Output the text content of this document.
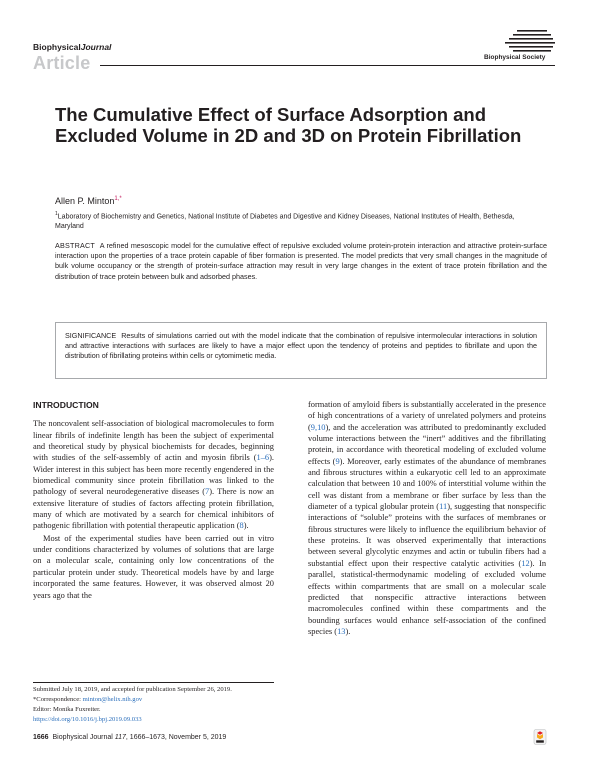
BiophysicalJournal
Article	Biophysical Society
The Cumulative Effect of Surface Adsorption and Excluded Volume in 2D and 3D on Protein Fibrillation
Allen P. Minton$^{1,*}$
$^1$Laboratory of Biochemistry and Genetics, National Institute of Diabetes and Digestive and Kidney Diseases, National Institutes of Health, Bethesda, Maryland
ABSTRACT A refined mesoscopic model for the cumulative effect of repulsive excluded volume protein-protein interaction and attractive protein-surface interaction upon the properties of a trace protein capable of fiber formation is presented. The model predicts that very small changes in the magnitude of bulk volume occupancy or the strength of protein-surface attraction may result in very large changes in the extent of trace protein fibrillation and the distribution of trace protein between bulk and adsorbed phases.
SIGNIFICANCE Results of simulations carried out with the model indicate that the combination of repulsive intermolecular interactions in solution and attractive interactions with surfaces are likely to have a major effect upon the tendency of proteins and peptides to fibrillate and upon the distribution of fibrillating proteins within cells or cytomimetic media.
INTRODUCTION

The noncovalent self-association of biological macromolecules to form linear fibrils of indefinite length has been the subject of experimental and theoretical study by physical biochemists for decades, beginning with studies of the self-assembly of actin and myosin fibrils (1–6). Wider interest in this subject has been more recently engendered in the biomedical community since protein fibrillation was linked to the pathology of several neurodegenerative diseases (7). There is now an extensive literature of studies of factors affecting protein fibrillation, many of which are motivated by a search for chemical inhibitors of pathogenic fibrillation with potential therapeutic application (8).

Most of the experimental studies have been carried out in vitro under conditions characterized by volumes of solutions that are large on a molecular scale, containing only low concentrations of the particular protein under study. Theoretical models have by and large incorporated the same features. However, it was observed almost 20 years ago that the

formation of amyloid fibers is substantially accelerated in the presence of high concentrations of a variety of unrelated polymers and proteins (9,10), and the acceleration was attributed to predominantly excluded volume interactions between the “inert” additives and the fibrillating protein, in accordance with theoretical modeling of excluded volume effects (9). Moreover, early estimates of the abundance of membranes and fibrous structures within a eukaryotic cell led to an approximate calculation that between 10 and 100% of interstitial volume within the cell was distant from a membrane or fiber surface by less than the diameter of a typical globular protein (11), suggesting that nonspecific interactions of “soluble” proteins with the surfaces of membranes or fibrous structures were likely to influence the equilibrium behavior of these proteins. It was observed experimentally that interactions between several glycolytic enzymes and actin or tubulin fibers had a substantial effect upon their respective catalytic activities (12). In parallel, statistical-thermodynamic modeling of excluded volume effects within compartments that are small on a molecular scale predicted that nonspecific attractive interactions between macromolecules confined within these compartments and the bounding surfaces would enhance self-association of the confined species (13).

Submitted July 18, 2019, and accepted for publication September 26, 2019.
*Correspondence: minton@helix.nih.gov
Editor: Monika Fuxreiter.
https://doi.org/10.1016/j.bpj.2019.09.033
1666 Biophysical Journal 117, 1666–1673, November 5, 2019
